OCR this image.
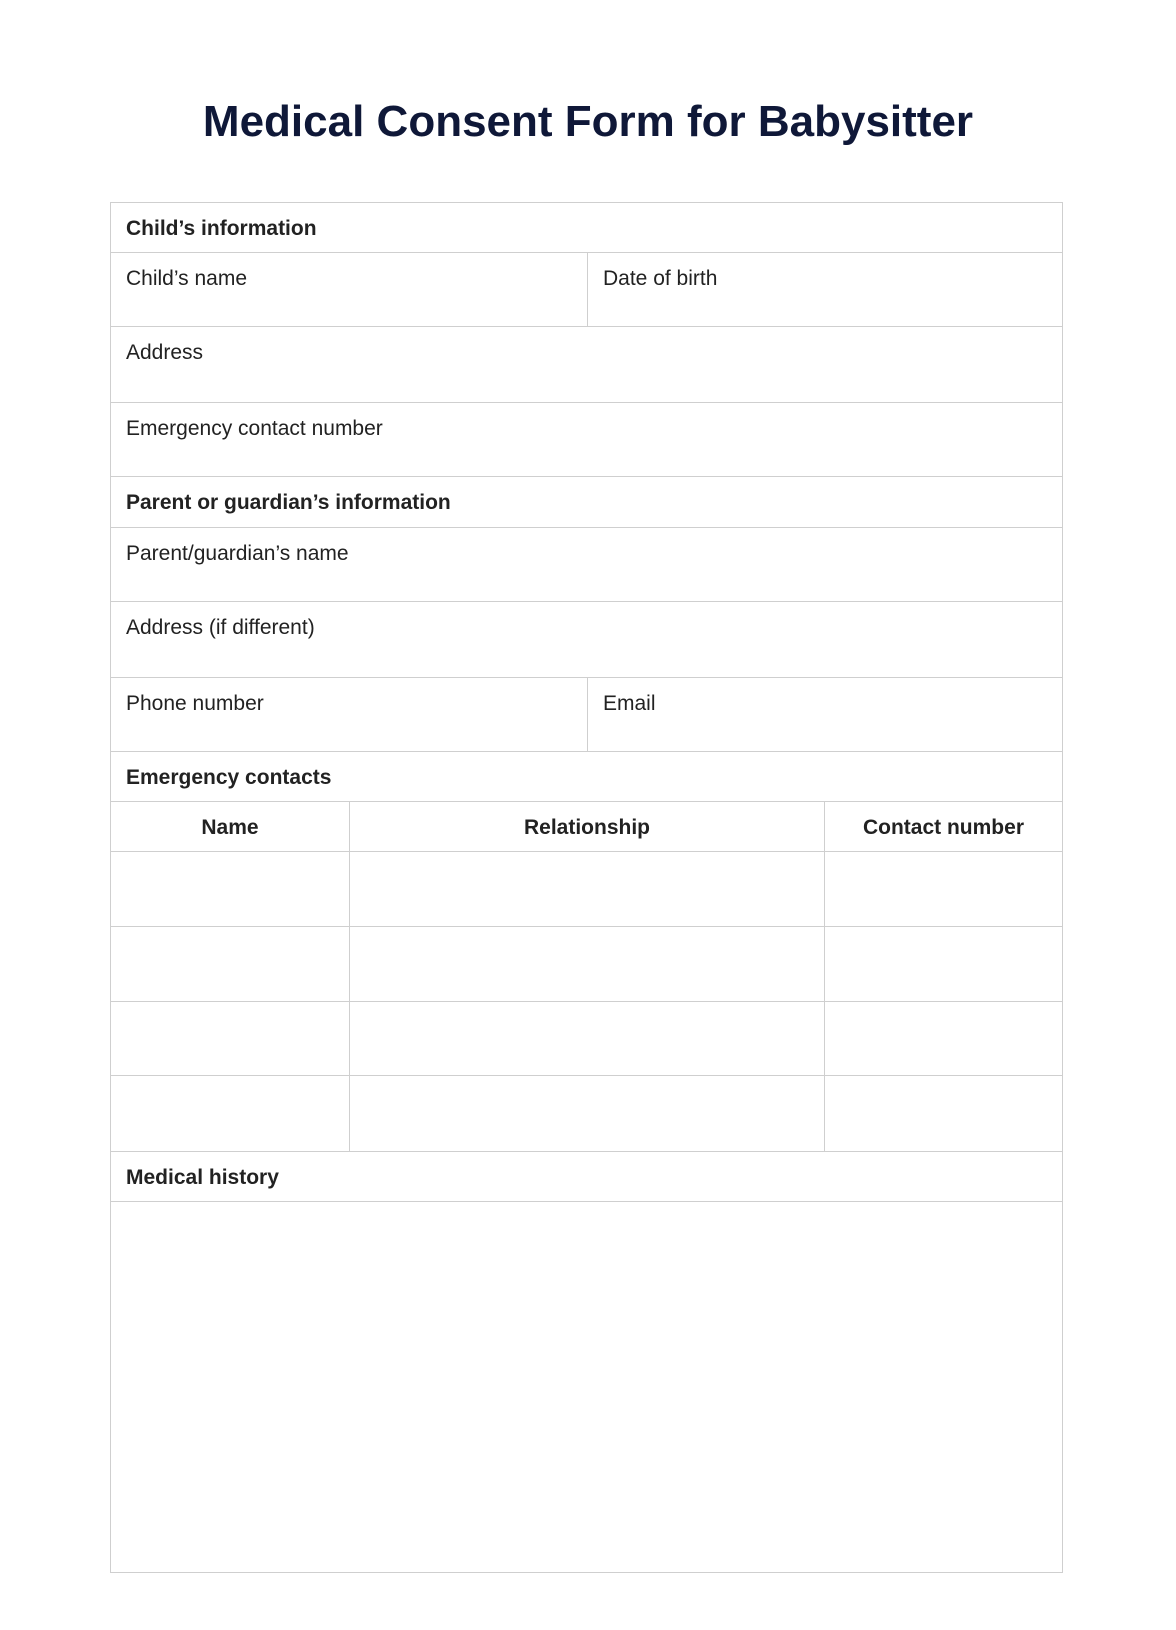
Medical Consent Form for Babysitter
Child’s information
Child’s name	Date of birth
Address
Emergency contact number
Parent or guardian’s information
Parent/guardian’s name
Address (if different)
Phone number	Email
Emergency contacts
Name	Relationship	Contact number
Medical history
